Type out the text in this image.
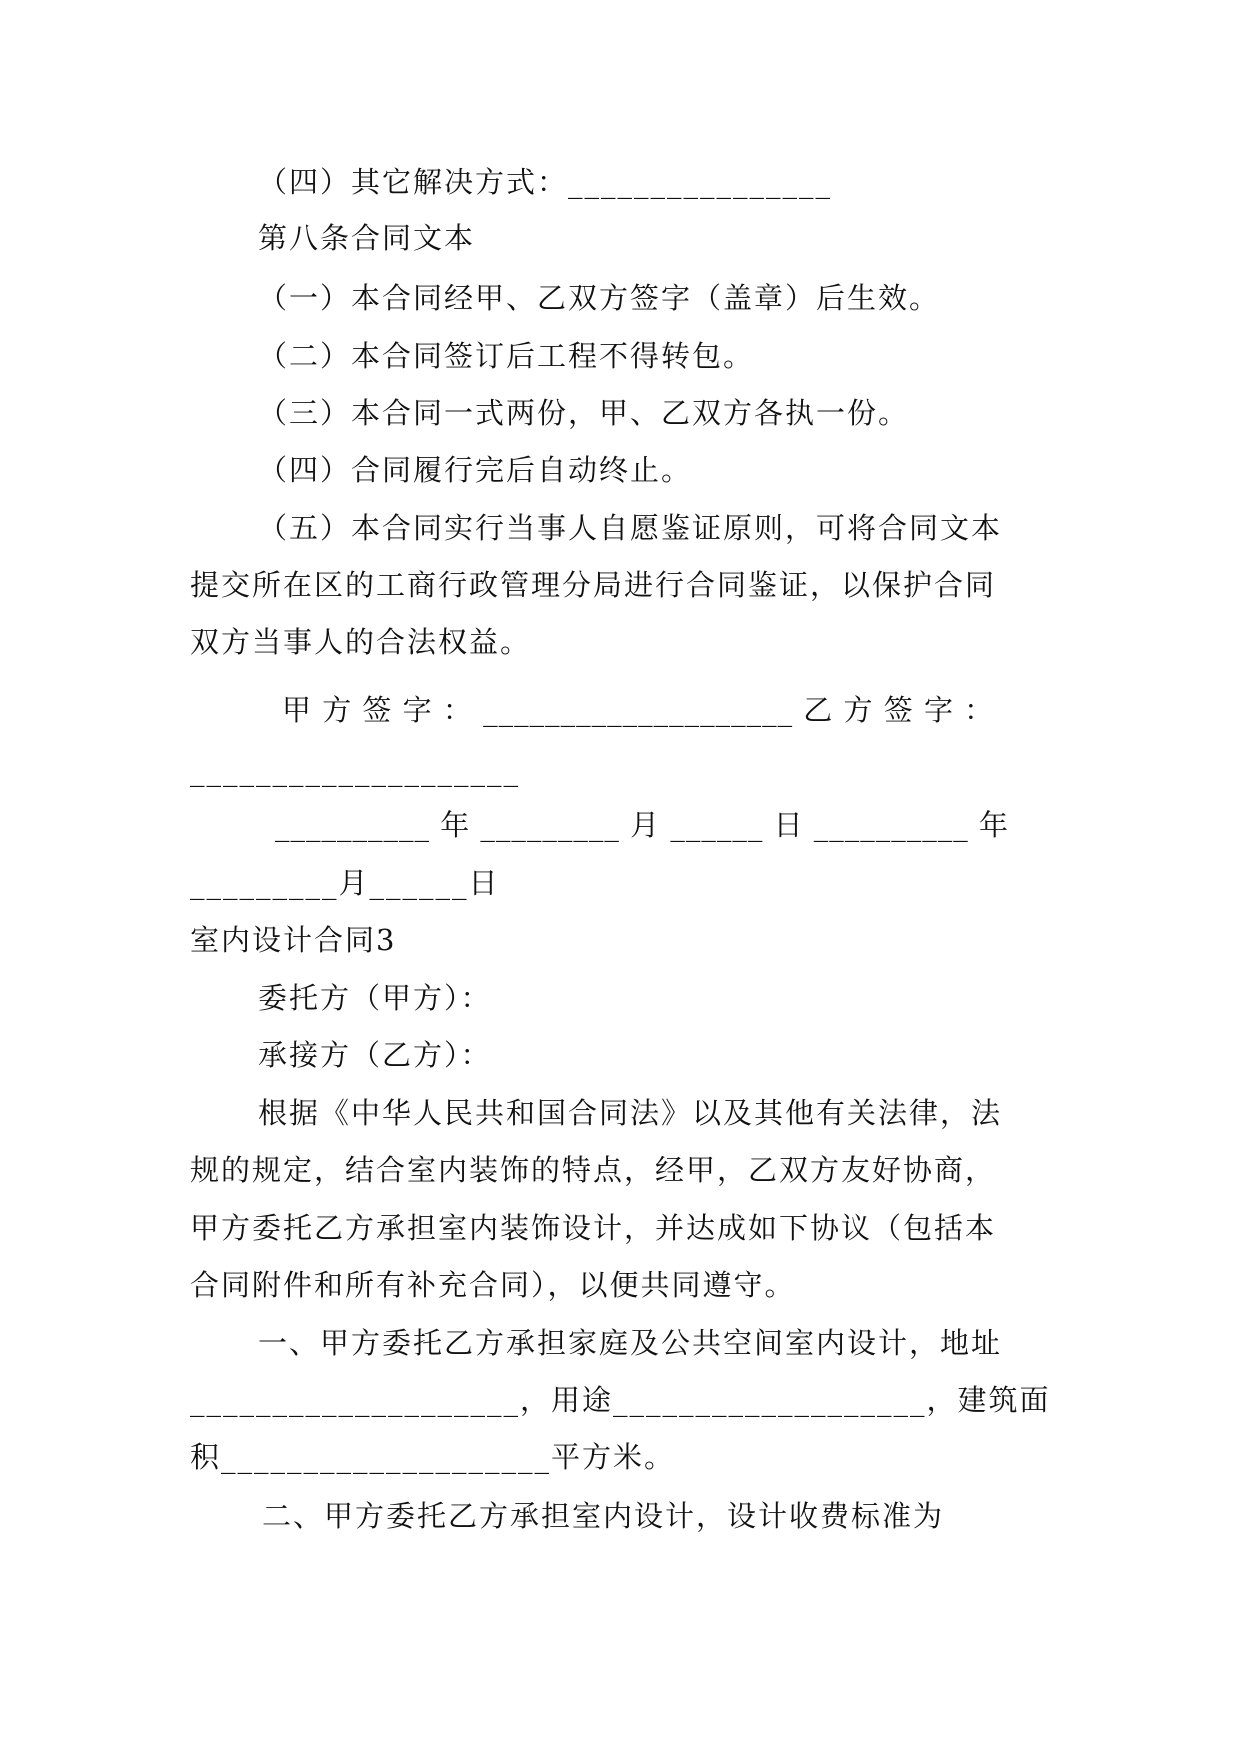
（四）其它解决方式：________________
第八条合同文本
（一）本合同经甲、乙双方签字（盖章）后生效。
（二）本合同签订后工程不得转包。
（三）本合同一式两份，甲、乙双方各执一份。
（四）合同履行完后自动终止。
（五）本合同实行当事人自愿鉴证原则，可将合同文本
提交所在区的工商行政管理分局进行合同鉴证，以保护合同
双方当事人的合法权益。
甲 方 签 字 ： ____________________ 乙 方 签 字 ：
____________________
__________ 年 _________ 月 ______ 日 __________ 年
_________月______日
室内设计合同3
委托方（甲方）：
承接方（乙方）：
根据《中华人民共和国合同法》以及其他有关法律，法
规的规定，结合室内装饰的特点，经甲，乙双方友好协商，
甲方委托乙方承担室内装饰设计，并达成如下协议（包括本
合同附件和所有补充合同），以便共同遵守。
一、甲方委托乙方承担家庭及公共空间室内设计，地址
____________________，用途___________________，建筑面
积____________________平方米。
二、甲方委托乙方承担室内设计，设计收费标准为
